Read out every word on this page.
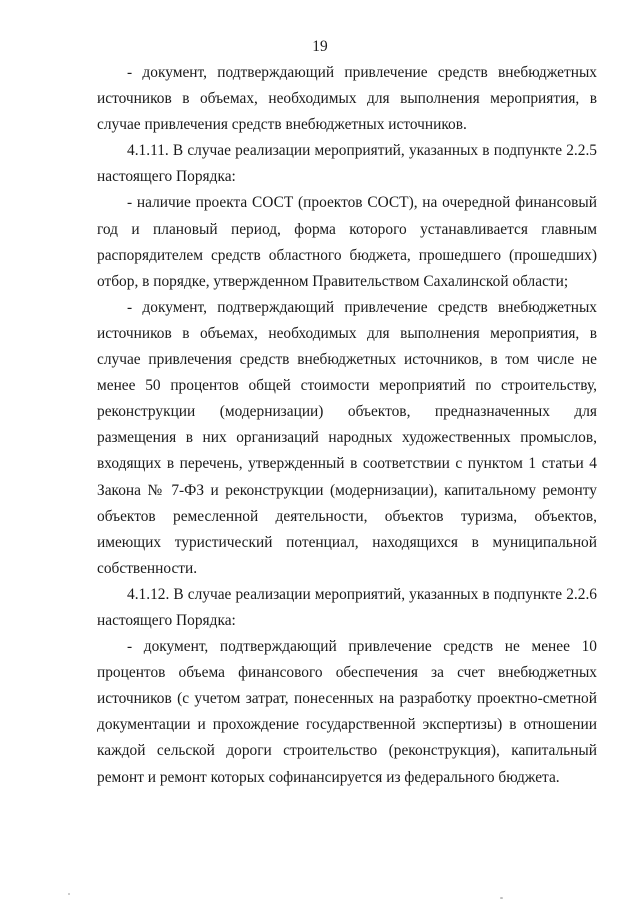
19

- документ, подтверждающий привлечение средств внебюджетных источников в объемах, необходимых для выполнения мероприятия, в случае привлечения средств внебюджетных источников.

4.1.11. В случае реализации мероприятий, указанных в подпункте 2.2.5 настоящего Порядка:

- наличие проекта СОСТ (проектов СОСТ), на очередной финансовый год и плановый период, форма которого устанавливается главным распорядителем средств областного бюджета, прошедшего (прошедших) отбор, в порядке, утвержденном Правительством Сахалинской области;

- документ, подтверждающий привлечение средств внебюджетных источников в объемах, необходимых для выполнения мероприятия, в случае привлечения средств внебюджетных источников, в том числе не менее 50 процентов общей стоимости мероприятий по строительству, реконструкции (модернизации) объектов, предназначенных для размещения в них организаций народных художественных промыслов, входящих в перечень, утвержденный в соответствии с пунктом 1 статьи 4 Закона № 7-ФЗ и реконструкции (модернизации), капитальному ремонту объектов ремесленной деятельности, объектов туризма, объектов, имеющих туристический потенциал, находящихся в муниципальной собственности.

4.1.12. В случае реализации мероприятий, указанных в подпункте 2.2.6 настоящего Порядка:

- документ, подтверждающий привлечение средств не менее 10 процентов объема финансового обеспечения за счет внебюджетных источников (с учетом затрат, понесенных на разработку проектно-сметной документации и прохождение государственной экспертизы) в отношении каждой сельской дороги строительство (реконструкция), капитальный ремонт и ремонт которых софинансируется из федерального бюджета.
